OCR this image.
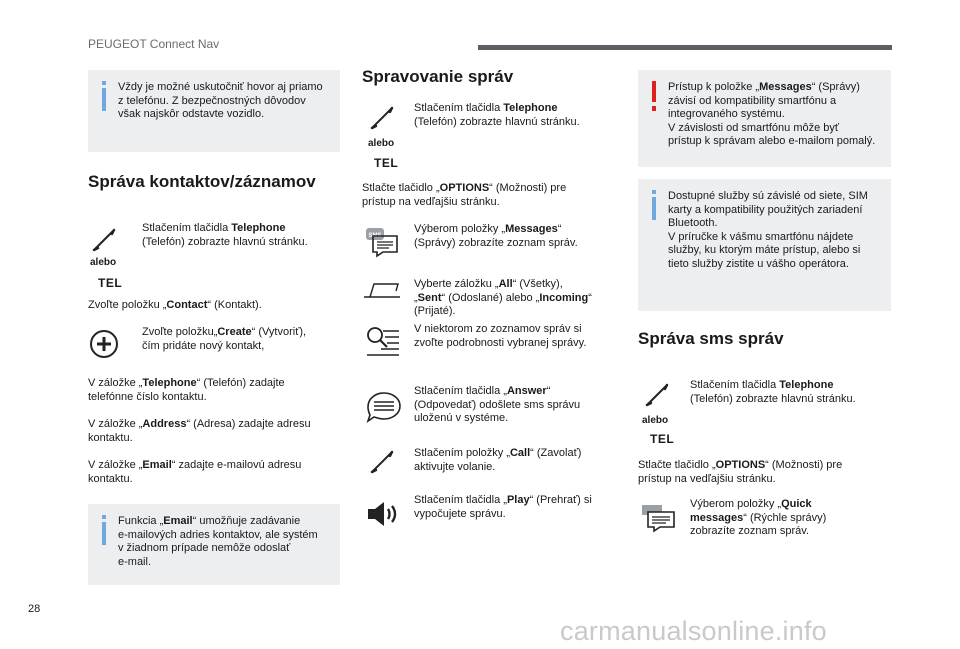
PEUGEOT Connect Nav
Vždy je možné uskutočniť hovor aj priamo
z telefónu. Z bezpečnostných dôvodov
však najskôr odstavte vozidlo.
Správa kontaktov/záznamov
Stlačením tlačidla Telephone
(Telefón) zobrazte hlavnú stránku.
alebo
TEL
Zvoľte položku „Contact“ (Kontakt).
Zvoľte položku„Create“ (Vytvoriť),
čím pridáte nový kontakt,
V záložke „Telephone“ (Telefón) zadajte
telefónne číslo kontaktu.
V záložke „Address“ (Adresa) zadajte adresu
kontaktu.
V záložke „Email“ zadajte e-mailovú adresu
kontaktu.
Funkcia „Email“ umožňuje zadávanie
e-mailových adries kontaktov, ale systém
v žiadnom prípade nemôže odoslať
e-mail.
Spravovanie správ
Stlačením tlačidla Telephone
(Telefón) zobrazte hlavnú stránku.
alebo
TEL
Stlačte tlačidlo „OPTIONS“ (Možnosti) pre
prístup na vedľajšiu stránku.
SMS
Výberom položky „Messages“
(Správy) zobrazíte zoznam správ.
Vyberte záložku „All“ (Všetky),
„Sent“ (Odoslané) alebo „Incoming“
(Prijaté).
V niektorom zo zoznamov správ si
zvoľte podrobnosti vybranej správy.
Stlačením tlačidla „Answer“
(Odpovedať) odošlete sms správu
uloženú v systéme.
Stlačením položky „Call“ (Zavolať)
aktivujte volanie.
Stlačením tlačidla „Play“ (Prehrať) si
vypočujete správu.
Prístup k položke „Messages“ (Správy)
závisí od kompatibility smartfónu a
integrovaného systému.
V závislosti od smartfónu môže byť
prístup k správam alebo e-mailom pomalý.
Dostupné služby sú závislé od siete, SIM
karty a kompatibility použitých zariadení
Bluetooth.
V príručke k vášmu smartfónu nájdete
služby, ku ktorým máte prístup, alebo si
tieto služby zistite u vášho operátora.
Správa sms správ
Stlačením tlačidla Telephone
(Telefón) zobrazte hlavnú stránku.
alebo
TEL
Stlačte tlačidlo „OPTIONS“ (Možnosti) pre
prístup na vedľajšiu stránku.
Výberom položky „Quick
messages“ (Rýchle správy)
zobrazíte zoznam správ.
28
carmanualsonline.info
